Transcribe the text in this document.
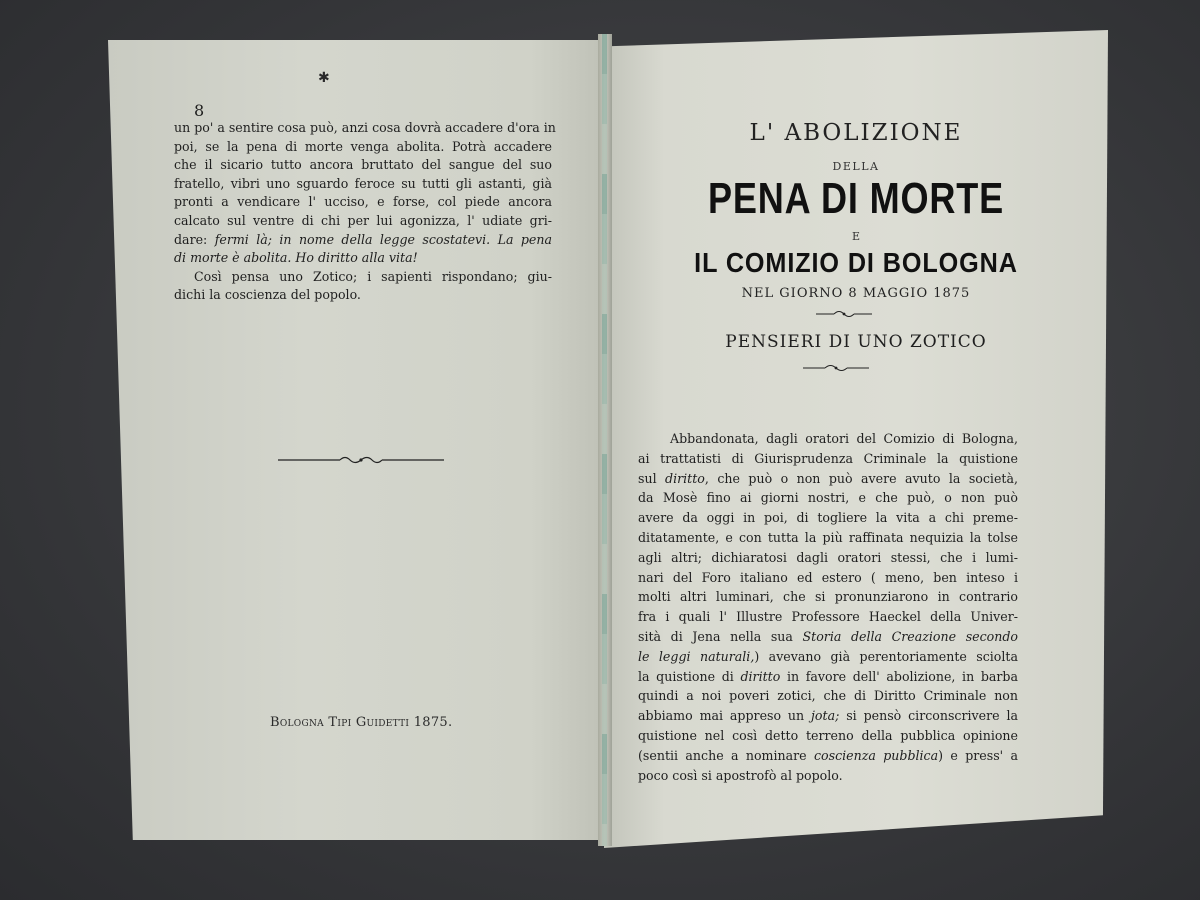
✱
8
un po' a sentire cosa può, anzi cosa dovrà accadere d'ora in
poi, se la pena di morte venga abolita. Potrà accadere
che il sicario tutto ancora bruttato del sangue del suo
fratello, vibri uno sguardo feroce su tutti gli astanti, già
pronti a vendicare l' ucciso, e forse, col piede ancora
calcato sul ventre di chi per lui agonizza, l' udiate gri-
dare: fermi là; in nome della legge scostatevi. La pena
di morte è abolita. Ho diritto alla vita!
Così pensa uno Zotico; i sapienti rispondano; giu-
dichi la coscienza del popolo.
Bologna Tipi Guidetti 1875.
L' ABOLIZIONE
DELLA
PENA DI MORTE
E
IL COMIZIO DI BOLOGNA
NEL GIORNO 8 MAGGIO 1875
PENSIERI DI UNO ZOTICO
Abbandonata, dagli oratori del Comizio di Bologna,
ai trattatisti di Giurisprudenza Criminale la quistione
sul diritto, che può o non può avere avuto la società,
da Mosè fino ai giorni nostri, e che può, o non può
avere da oggi in poi, di togliere la vita a chi preme-
ditatamente, e con tutta la più raffinata nequizia la tolse
agli altri; dichiaratosi dagli oratori stessi, che i lumi-
nari del Foro italiano ed estero ( meno, ben inteso i
molti altri luminari, che si pronunziarono in contrario
fra i quali l' Illustre Professore Haeckel della Univer-
sità di Jena nella sua Storia della Creazione secondo
le leggi naturali,) avevano già perentoriamente sciolta
la quistione di diritto in favore dell' abolizione, in barba
quindi a noi poveri zotici, che di Diritto Criminale non
abbiamo mai appreso un jota; si pensò circonscrivere la
quistione nel così detto terreno della pubblica opinione
(sentii anche a nominare coscienza pubblica) e press' a
poco così si apostrofò al popolo.
